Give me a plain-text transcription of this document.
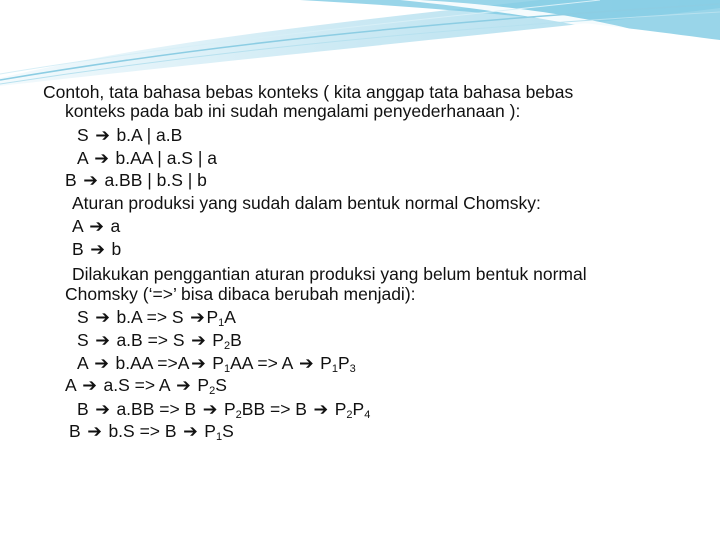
Contoh, tata bahasa bebas konteks ( kita anggap tata bahasa bebas
konteks pada bab ini sudah mengalami penyederhanaan ):
S ➔ b.A | a.B
A ➔ b.AA | a.S | a
B ➔ a.BB | b.S | b
Aturan produksi yang sudah dalam bentuk normal Chomsky:
A ➔ a
B ➔ b
Dilakukan penggantian aturan produksi yang belum bentuk normal
Chomsky (‘=>’ bisa dibaca berubah menjadi):
S ➔ b.A => S $➔P_1A$
S ➔ a.B => S ➔ $P_2B$
A ➔ b.AA =>A➔ $P_1AA => A$ ➔ $P_1P_3$
A ➔ a.S => A ➔ $P_2S$
B ➔ a.BB => B ➔ $P_2BB => B$ ➔ $P_2P_4$
B ➔ b.S => B ➔ $P_1S$
